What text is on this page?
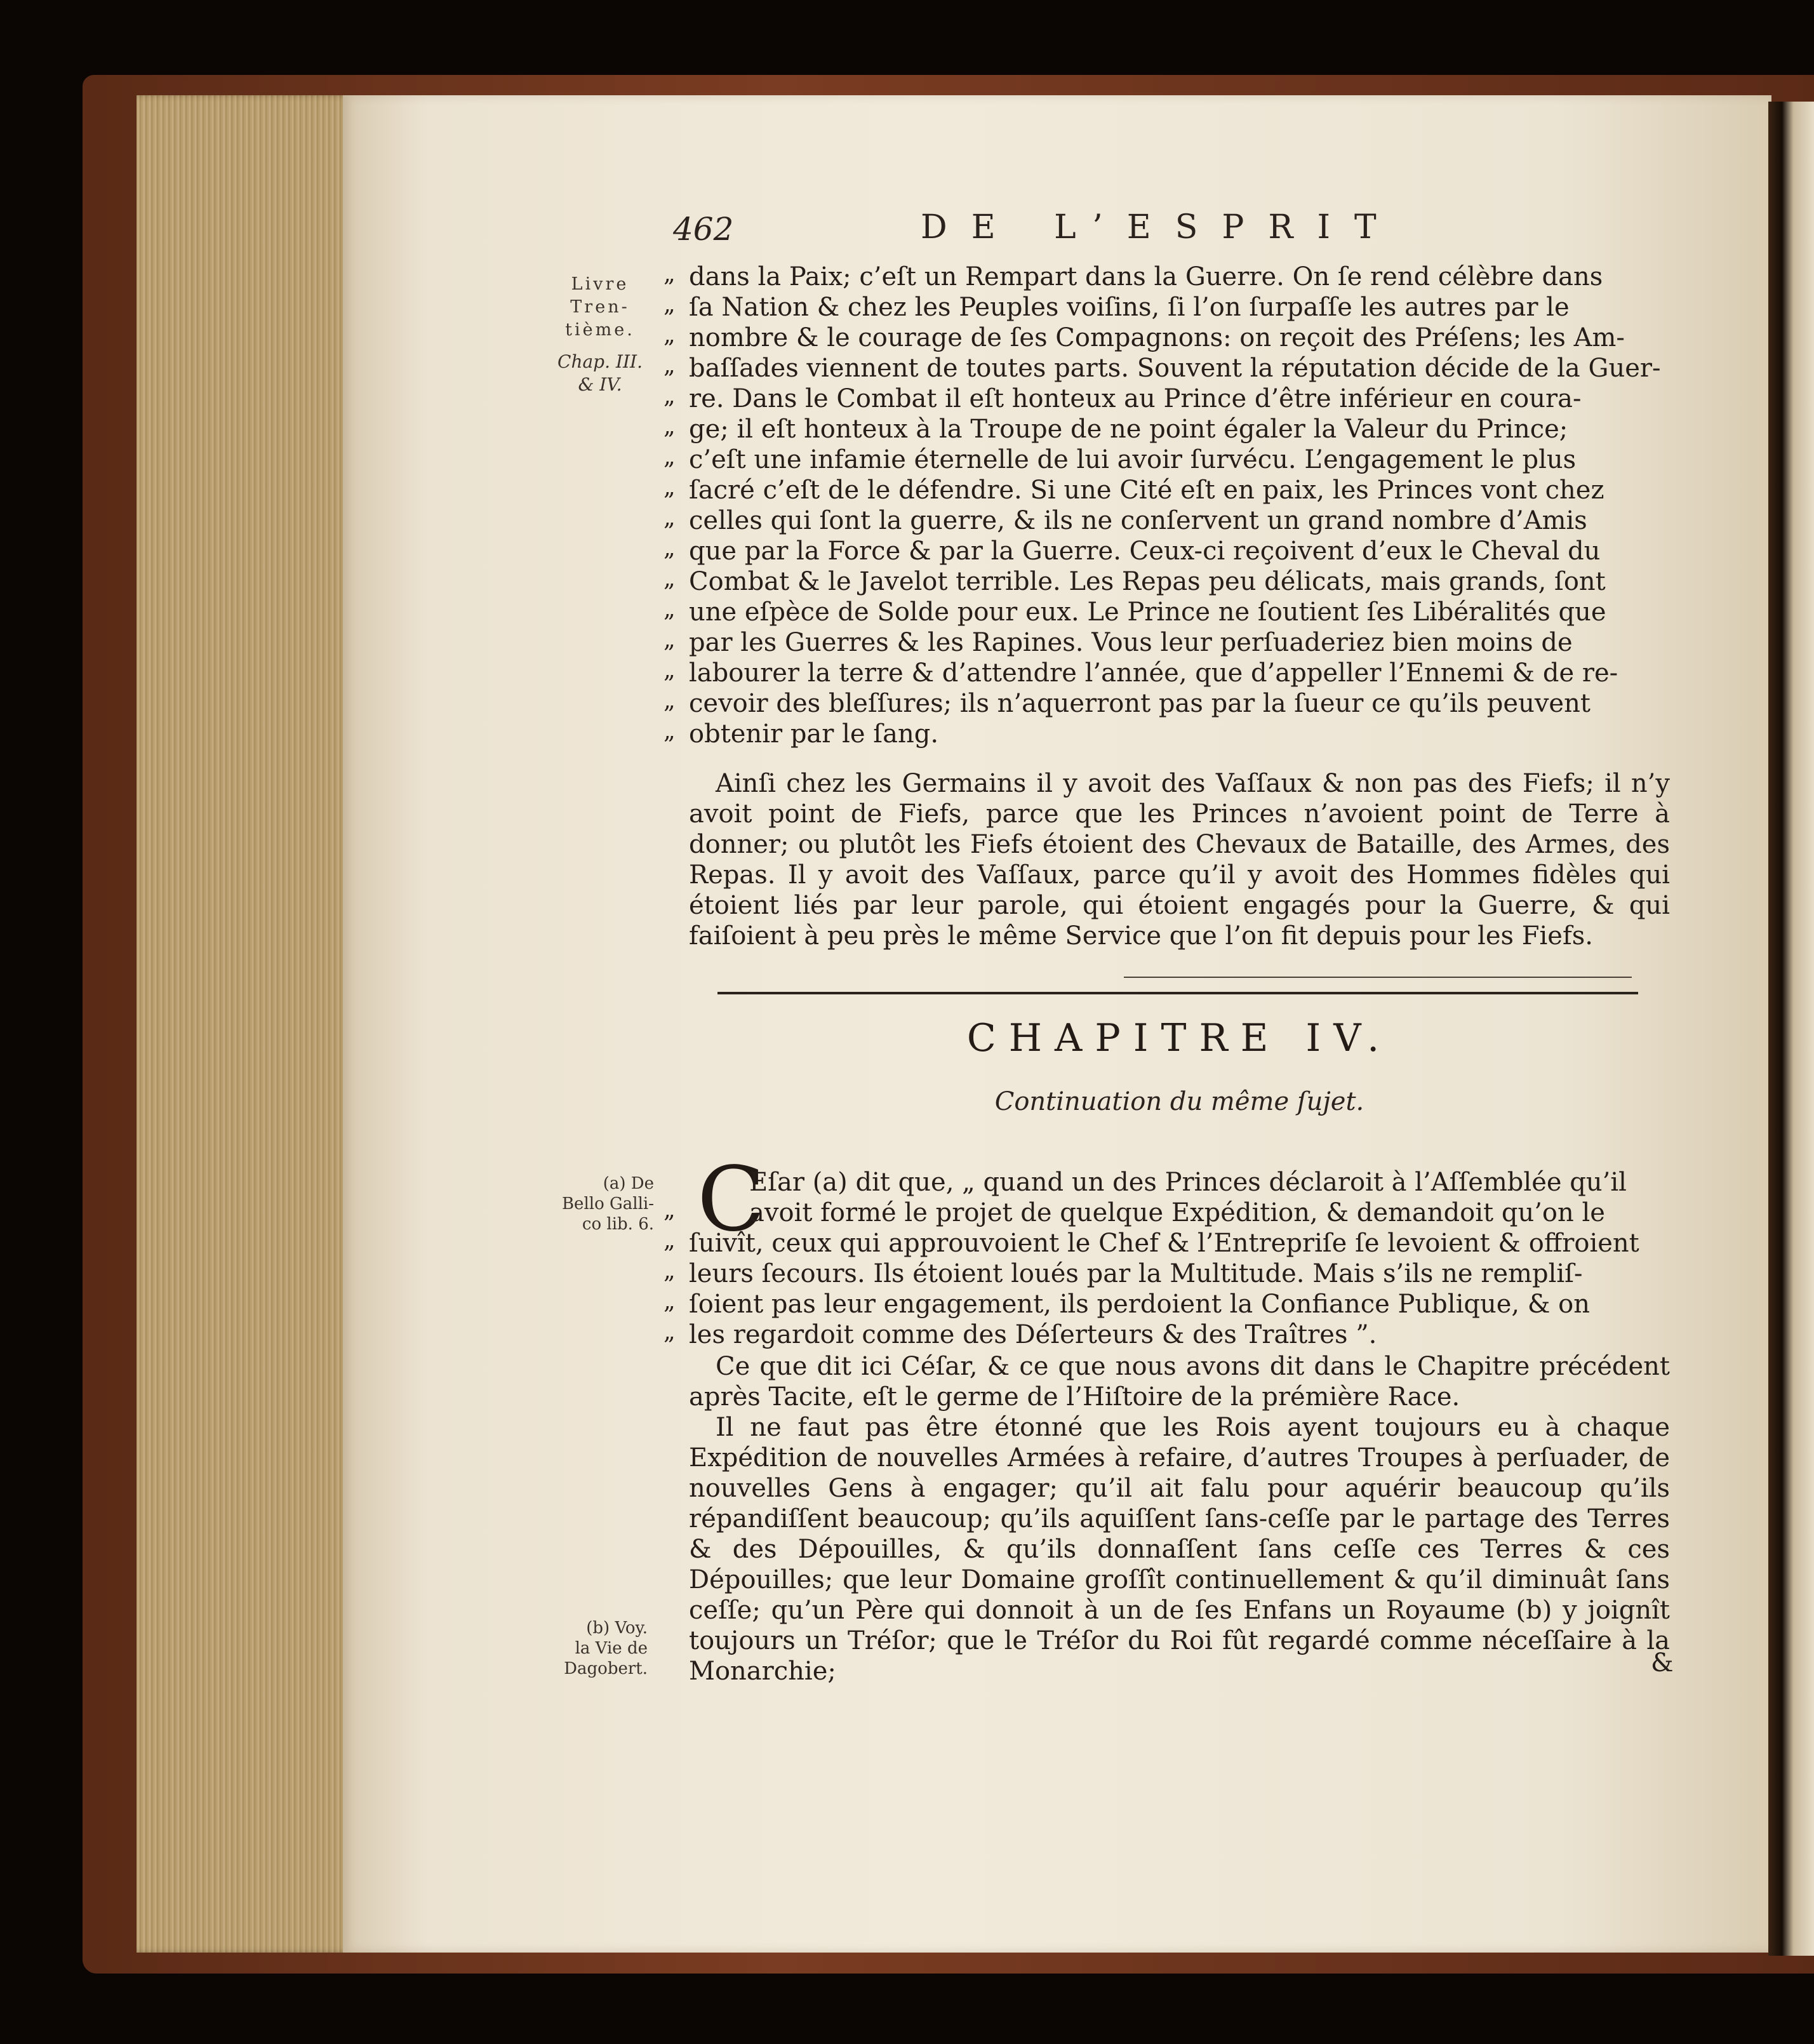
462	DE L’ESPRIT
Livre
Tren-
tième.
Chap. III.
& IV.
„ dans la Paix; c’eſt un Rempart dans la Guerre. On ſe rend célèbre dans
„ ſa Nation & chez les Peuples voiſins, ſi l’on ſurpaſſe les autres par le
„ nombre & le courage de ſes Compagnons: on reçoit des Préſens; les Am-
„ baſſades viennent de toutes parts. Souvent la réputation décide de la Guer-
„ re. Dans le Combat il eſt honteux au Prince d’être inférieur en coura-
„ ge; il eſt honteux à la Troupe de ne point égaler la Valeur du Prince;
„ c’eſt une infamie éternelle de lui avoir ſurvécu. L’engagement le plus
„ ſacré c’eſt de le défendre. Si une Cité eſt en paix, les Princes vont chez
„ celles qui ſont la guerre, & ils ne conſervent un grand nombre d’Amis
„ que par la Force & par la Guerre. Ceux-ci reçoivent d’eux le Cheval du
„ Combat & le Javelot terrible. Les Repas peu délicats, mais grands, ſont
„ une eſpèce de Solde pour eux. Le Prince ne ſoutient ſes Libéralités que
„ par les Guerres & les Rapines. Vous leur perſuaderiez bien moins de
„ labourer la terre & d’attendre l’année, que d’appeller l’Ennemi & de re-
„ cevoir des bleſſures; ils n’aquerront pas par la ſueur ce qu’ils peuvent
„ obtenir par le ſang.
Ainſi chez les Germains il y avoit des Vaſſaux & non pas des Fiefs; il n’y avoit point de Fiefs, parce que les Princes n’avoient point de Terre à donner; ou plutôt les Fiefs étoient des Chevaux de Bataille, des Armes, des Repas. Il y avoit des Vaſſaux, parce qu’il y avoit des Hommes fidèles qui étoient liés par leur parole, qui étoient engagés pour la Guerre, & qui faiſoient à peu près le même Service que l’on fit depuis pour les Fiefs.
CHAPITRE IV.
Continuation du même ſujet.
(a) De
Bello Galli-
co lib. 6. C
Eſar (a) dit que, „ quand un des Princes déclaroit à l’Aſſemblée qu’il
„ avoit formé le projet de quelque Expédition, & demandoit qu’on le
„ ſuivît, ceux qui approuvoient le Chef & l’Entrepriſe ſe levoient & offroient
„ leurs ſecours. Ils étoient loués par la Multitude. Mais s’ils ne rempliſ-
„ ſoient pas leur engagement, ils perdoient la Confiance Publique, & on
„ les regardoit comme des Déſerteurs & des Traîtres ”.

Ce que dit ici Céſar, & ce que nous avons dit dans le Chapitre précédent après Tacite, eſt le germe de l’Hiſtoire de la prémière Race.

Il ne faut pas être étonné que les Rois ayent toujours eu à chaque Expédition de nouvelles Armées à refaire, d’autres Troupes à perſuader, de nouvelles Gens à engager; qu’il ait falu pour aquérir beaucoup qu’ils répandiſſent beaucoup; qu’ils aquiſſent ſans-ceſſe par le partage des Terres & des Dépouilles, & qu’ils donnaſſent ſans ceſſe ces Terres & ces Dépouilles; que leur Domaine groſſît continuellement & qu’il diminuât ſans ceſſe; qu’un Père qui donnoit à un de ſes Enfans un Royaume (b) y joignît toujours un Tréſor; que le Tréſor du Roi fût regardé comme néceſſaire à la Monarchie;

(b) Voy.
la Vie de
Dagobert.	&
